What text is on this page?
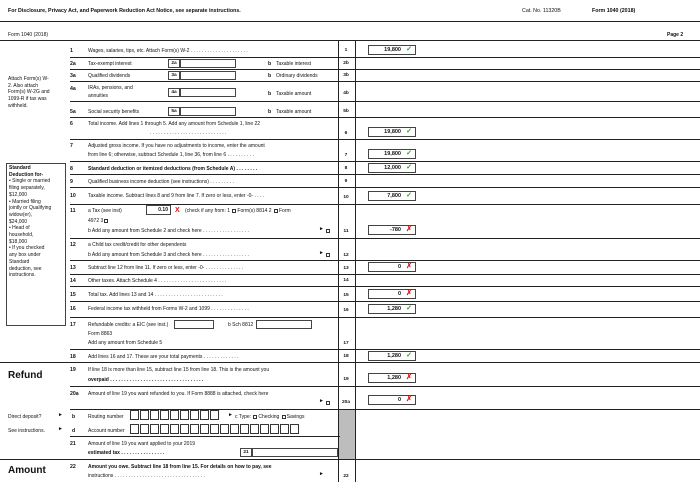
For Disclosure, Privacy Act, and Paperwork Reduction Act Notice, see separate instructions.	Cat. No. 11320B	Form 1040 (2018)
Form 1040 (2018)	Page 2
Attach Form(s) W-
2. Also attach
Form(s) W-2G and
1099-R if tax was
withheld.
Standard
Deduction for-
• Single or married
filing separately,
$12,000
• Married filing
jointly or Qualifying
widow(er),
$24,000
• Head of
household,
$18,000
• If you checked
any box under
Standard
deduction, see
instructions.
1	Wages, salaries, tips, etc. Attach Form(s) W-2 . . . . . . . . . . . . . . . . . . . . .	1	19,800 ✓
2a Tax-exempt interest	2a	b Taxable interest	2b
3a Qualified dividends	3a	b Ordinary dividends	3b
4a IRAs, pensions, and
annuities
4a	b Taxable amount	4b
5a Social security benefits	5a	b Taxable amount	5b
6	Total income. Add lines 1 through 5. Add any amount from Schedule 1, line 22
. . . . . . . . . . . . . . . . . . . . . . . . . . . .	6	19,800 ✓
7	Adjusted gross income. If you have no adjustments to income, enter the amount
from line 6; otherwise, subtract Schedule 1, line 36, from line 6 . . . . . . . . . .	7	19,800 ✓
8	Standard deduction or itemized deductions (from Schedule A) . . . . . . . .	8	12,000 ✓
9	Qualified business income deduction (see instructions) . . . . . . . . .	9
10 Taxable income. Subtract lines 8 and 9 from line 7. If zero or less, enter -0- . . . .	10	7,800 ✓
11	a Tax (see inst)	0.10	X (check if any from: 1 Form(s) 8814 2 Form
4972 3
b Add any amount from Schedule 2 and check here . . . . . . . . . . . . . . . . .	►	11	-780 ✗
12 a Child tax credit/credit for other dependents
b Add any amount from Schedule 3 and check here . . . . . . . . . . . . . . . . .	►	12
13 Subtract line 12 from line 11. If zero or less, enter -0- . . . . . . . . . . . . . .	13	0 ✗
14 Other taxes. Attach Schedule 4 . . . . . . . . . . . . . . . . . . . . . . . . .	14
15 Total tax. Add lines 13 and 14 . . . . . . . . . . . . . . . . . . . . . . . . .	15	0 ✗
16 Federal income tax withheld from Forms W-2 and 1099 . . . . . . . . . . . . . .	16	1,280 ✓
17 Refundable credits: a EIC (see inst.)	b Sch 8812
Form 8863
Add any amount from Schedule 5	17
18 Add lines 16 and 17. These are your total payments . . . . . . . . . . . . .	18	1,280 ✓
Refund	19 If line 18 is more than line 15, subtract line 15 from line 18. This is the amount you
overpaid . . . . . . . . . . . . . . . . . . . . . . . . . . . . . . . . . .	19	1,280 ✗
20a Amount of line 19 you want refunded to you. If Form 8888 is attached, check here
►	20a	0 ✗
Direct deposit?	► b	Routing number	► c Type: Checking Savings
See instructions.	► d	Account number
21 Amount of line 19 you want applied to your 2019
estimated tax . . . . . . . . . . . . . . . .	21
Amount	22 Amount you owe. Subtract line 18 from line 15. For details on how to pay, see
instructions . . . . . . . . . . . . . . . . . . . . . . . . . . . . . . . . .	►	22
